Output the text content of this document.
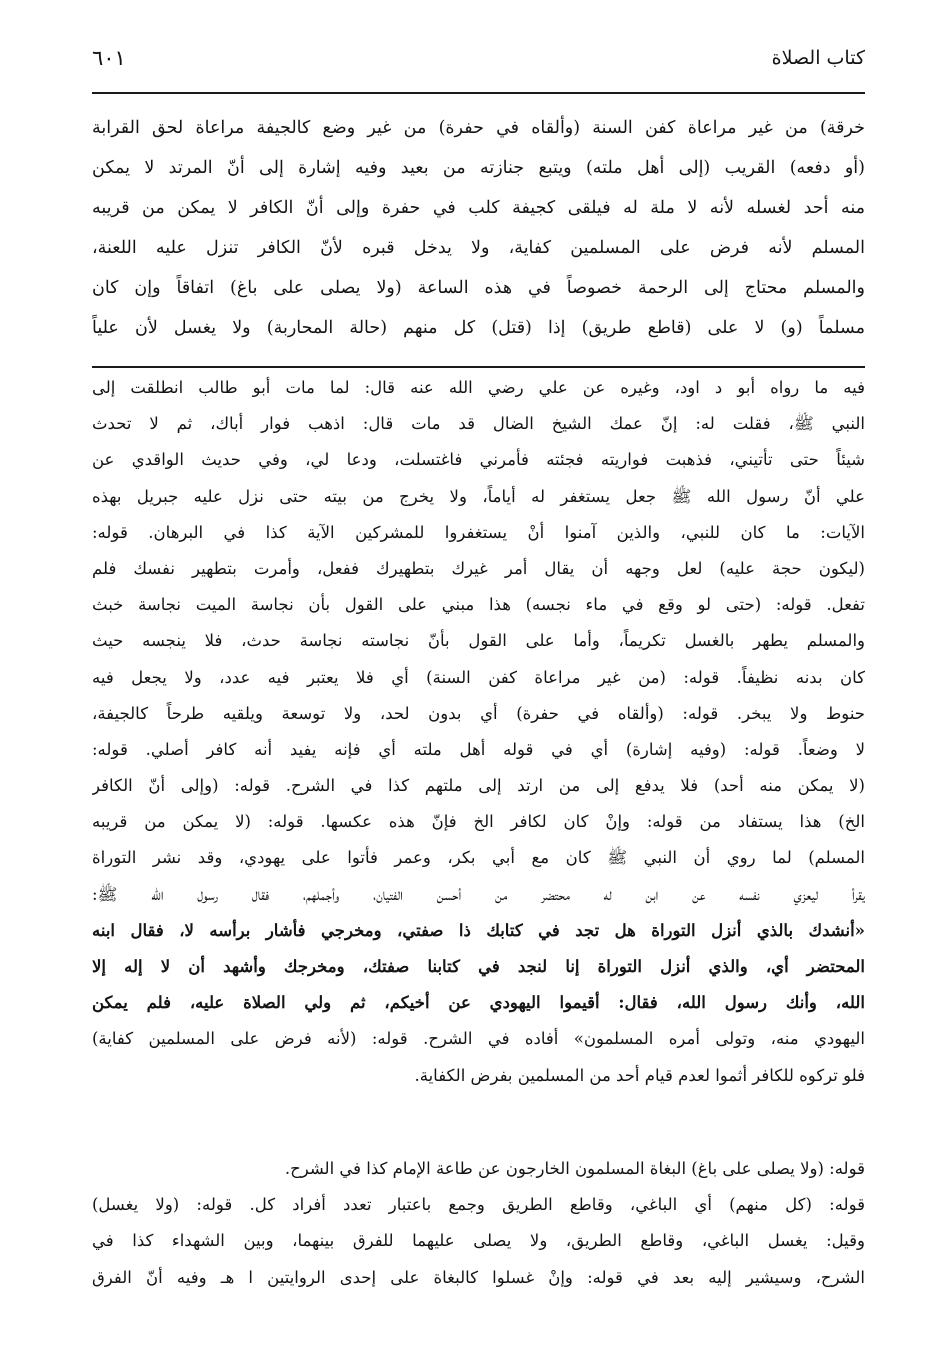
كتاب الصلاة
٦٠١
خرقة) من غير مراعاة كفن السنة (وألقاه في حفرة) من غير وضع كالجيفة مراعاة لحق القرابة
(أو دفعه) القريب (إلى أهل ملته) ويتبع جنازته من بعيد وفيه إشارة إلى أنّ المرتد لا يمكن
منه أحد لغسله لأنه لا ملة له فيلقى كجيفة كلب في حفرة وإلى أنّ الكافر لا يمكن من قريبه
المسلم لأنه فرض على المسلمين كفاية، ولا يدخل قبره لأنّ الكافر تنزل عليه اللعنة،
والمسلم محتاج إلى الرحمة خصوصاً في هذه الساعة (ولا يصلى على باغ) اتفاقاً وإن كان
مسلماً (و) لا على (قاطع طريق) إذا (قتل) كل منهم (حالة المحاربة) ولا يغسل لأن علياً
فيه ما رواه أبو د اود، وغيره عن علي رضي الله عنه قال: لما مات أبو طالب انطلقت إلى
النبي ﷺ، فقلت له: إنّ عمك الشيخ الضال قد مات قال: اذهب فوار أباك، ثم لا تحدث
شيئاً حتى تأتيني، فذهبت فواريته فجئته فأمرني فاغتسلت، ودعا لي، وفي حديث الواقدي عن
علي أنّ رسول الله ﷺ جعل يستغفر له أياماً، ولا يخرج من بيته حتى نزل عليه جبريل بهذه
الآيات: ما كان للنبي، والذين آمنوا أنْ يستغفروا للمشركين الآية كذا في البرهان. قوله:
(ليكون حجة عليه) لعل وجهه أن يقال أمر غيرك بتطهيرك ففعل، وأمرت بتطهير نفسك فلم
تفعل. قوله: (حتى لو وقع في ماء نجسه) هذا مبني على القول بأن نجاسة الميت نجاسة خبث
والمسلم يطهر بالغسل تكريماً، وأما على القول بأنّ نجاسته نجاسة حدث، فلا ينجسه حيث
كان بدنه نظيفاً. قوله: (من غير مراعاة كفن السنة) أي فلا يعتبر فيه عدد، ولا يجعل فيه
حنوط ولا يبخر. قوله: (وألقاه في حفرة) أي بدون لحد، ولا توسعة ويلقيه طرحاً كالجيفة،
لا وضعاً. قوله: (وفيه إشارة) أي في قوله أهل ملته أي فإنه يفيد أنه كافر أصلي. قوله:
(لا يمكن منه أحد) فلا يدفع إلى من ارتد إلى ملتهم كذا في الشرح. قوله: (وإلى أنّ الكافر
الخ) هذا يستفاد من قوله: وإنْ كان لكافر الخ فإنّ هذه عكسها. قوله: (لا يمكن من قريبه
المسلم) لما روي أن النبي ﷺ كان مع أبي بكر، وعمر فأتوا على يهودي، وقد نشر التوراة
يقرأ ليعزي نفسه عن ابن له محتضر من أحسن الفتيان، وأجملهم، فقال رسول الله ﷺ:
«أنشدك بالذي أنزل التوراة هل تجد في كتابك ذا صفتي، ومخرجي فأشار برأسه لا، فقال ابنه
المحتضر أي، والذي أنزل التوراة إنا لنجد في كتابنا صفتك، ومخرجك وأشهد أن لا إله إلا
الله، وأنك رسول الله، فقال: أقيموا اليهودي عن أخيكم، ثم ولي الصلاة عليه، فلم يمكن
اليهودي منه، وتولى أمره المسلمون» أفاده في الشرح. قوله: (لأنه فرض على المسلمين كفاية)
فلو تركوه للكافر أثموا لعدم قيام أحد من المسلمين بفرض الكفاية.
قوله: (ولا يصلى على باغ) البغاة المسلمون الخارجون عن طاعة الإمام كذا في الشرح.
قوله: (كل منهم) أي الباغي، وقاطع الطريق وجمع باعتبار تعدد أفراد كل. قوله: (ولا يغسل)
وقيل: يغسل الباغي، وقاطع الطريق، ولا يصلى عليهما للفرق بينهما، وبين الشهداء كذا في
الشرح، وسيشير إليه بعد في قوله: وإنْ غسلوا كالبغاة على إحدى الروايتين ا هـ وفيه أنّ الفرق
